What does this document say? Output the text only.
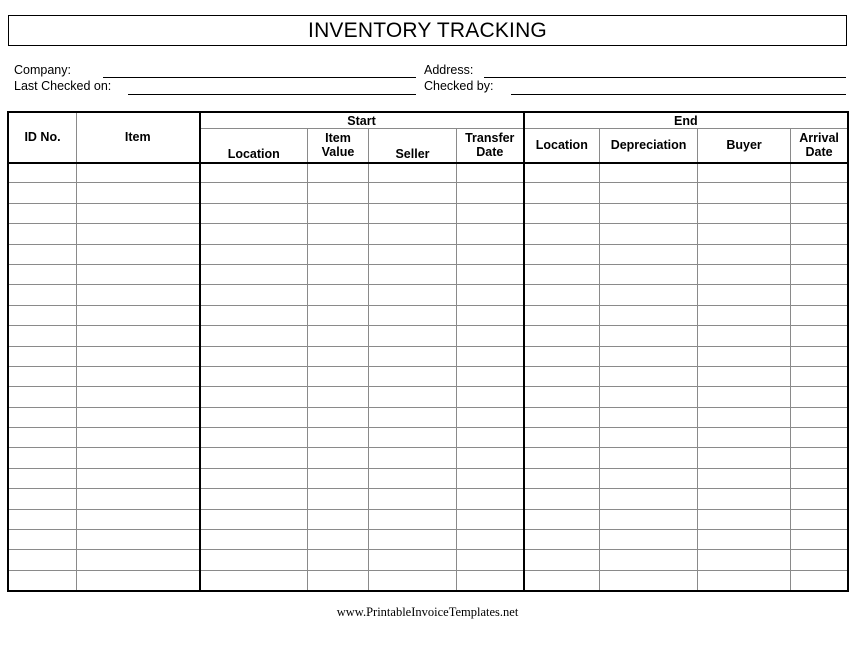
INVENTORY TRACKING
Company:	Address:
Last Checked on:	Checked by:
ID No.	Item	Start				End			
		Location	Item Value	Seller	Transfer Date	Location	Depreciation	Buyer	Arrival Date

www.PrintableInvoiceTemplates.net
